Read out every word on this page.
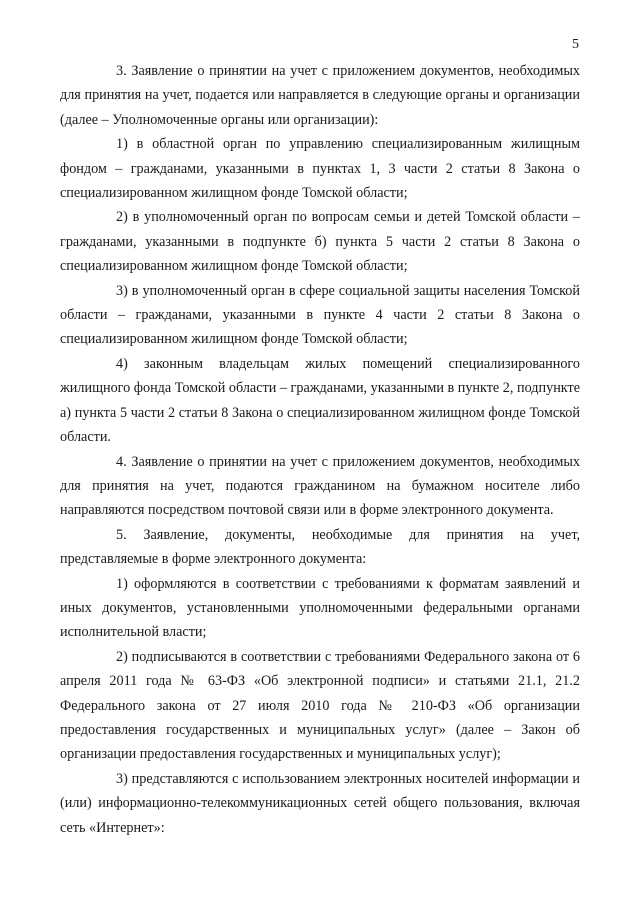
5

3. Заявление о принятии на учет с приложением документов, необходимых для принятия на учет, подается или направляется в следующие органы и организации (далее – Уполномоченные органы или организации):

1) в областной орган по управлению специализированным жилищным фондом – гражданами, указанными в пунктах 1, 3 части 2 статьи 8 Закона о специализированном жилищном фонде Томской области;

2) в уполномоченный орган по вопросам семьи и детей Томской области – гражданами, указанными в подпункте б) пункта 5 части 2 статьи 8 Закона о специализированном жилищном фонде Томской области;

3) в уполномоченный орган в сфере социальной защиты населения Томской области – гражданами, указанными в пункте 4 части 2 статьи 8 Закона о специализированном жилищном фонде Томской области;

4) законным владельцам жилых помещений специализированного жилищного фонда Томской области – гражданами, указанными в пункте 2, подпункте а) пункта 5 части 2 статьи 8 Закона о специализированном жилищном фонде Томской области.

4. Заявление о принятии на учет с приложением документов, необходимых для принятия на учет, подаются гражданином на бумажном носителе либо направляются посредством почтовой связи или в форме электронного документа.

5. Заявление, документы, необходимые для принятия на учет, представляемые в форме электронного документа:

1) оформляются в соответствии с требованиями к форматам заявлений и иных документов, установленными уполномоченными федеральными органами исполнительной власти;

2) подписываются в соответствии с требованиями Федерального закона от 6 апреля 2011 года № 63-ФЗ «Об электронной подписи» и статьями 21.1, 21.2 Федерального закона от 27 июля 2010 года № 210-ФЗ «Об организации предоставления государственных и муниципальных услуг» (далее – Закон об организации предоставления государственных и муниципальных услуг);

3) представляются с использованием электронных носителей информации и (или) информационно-телекоммуникационных сетей общего пользования, включая сеть «Интернет»:
